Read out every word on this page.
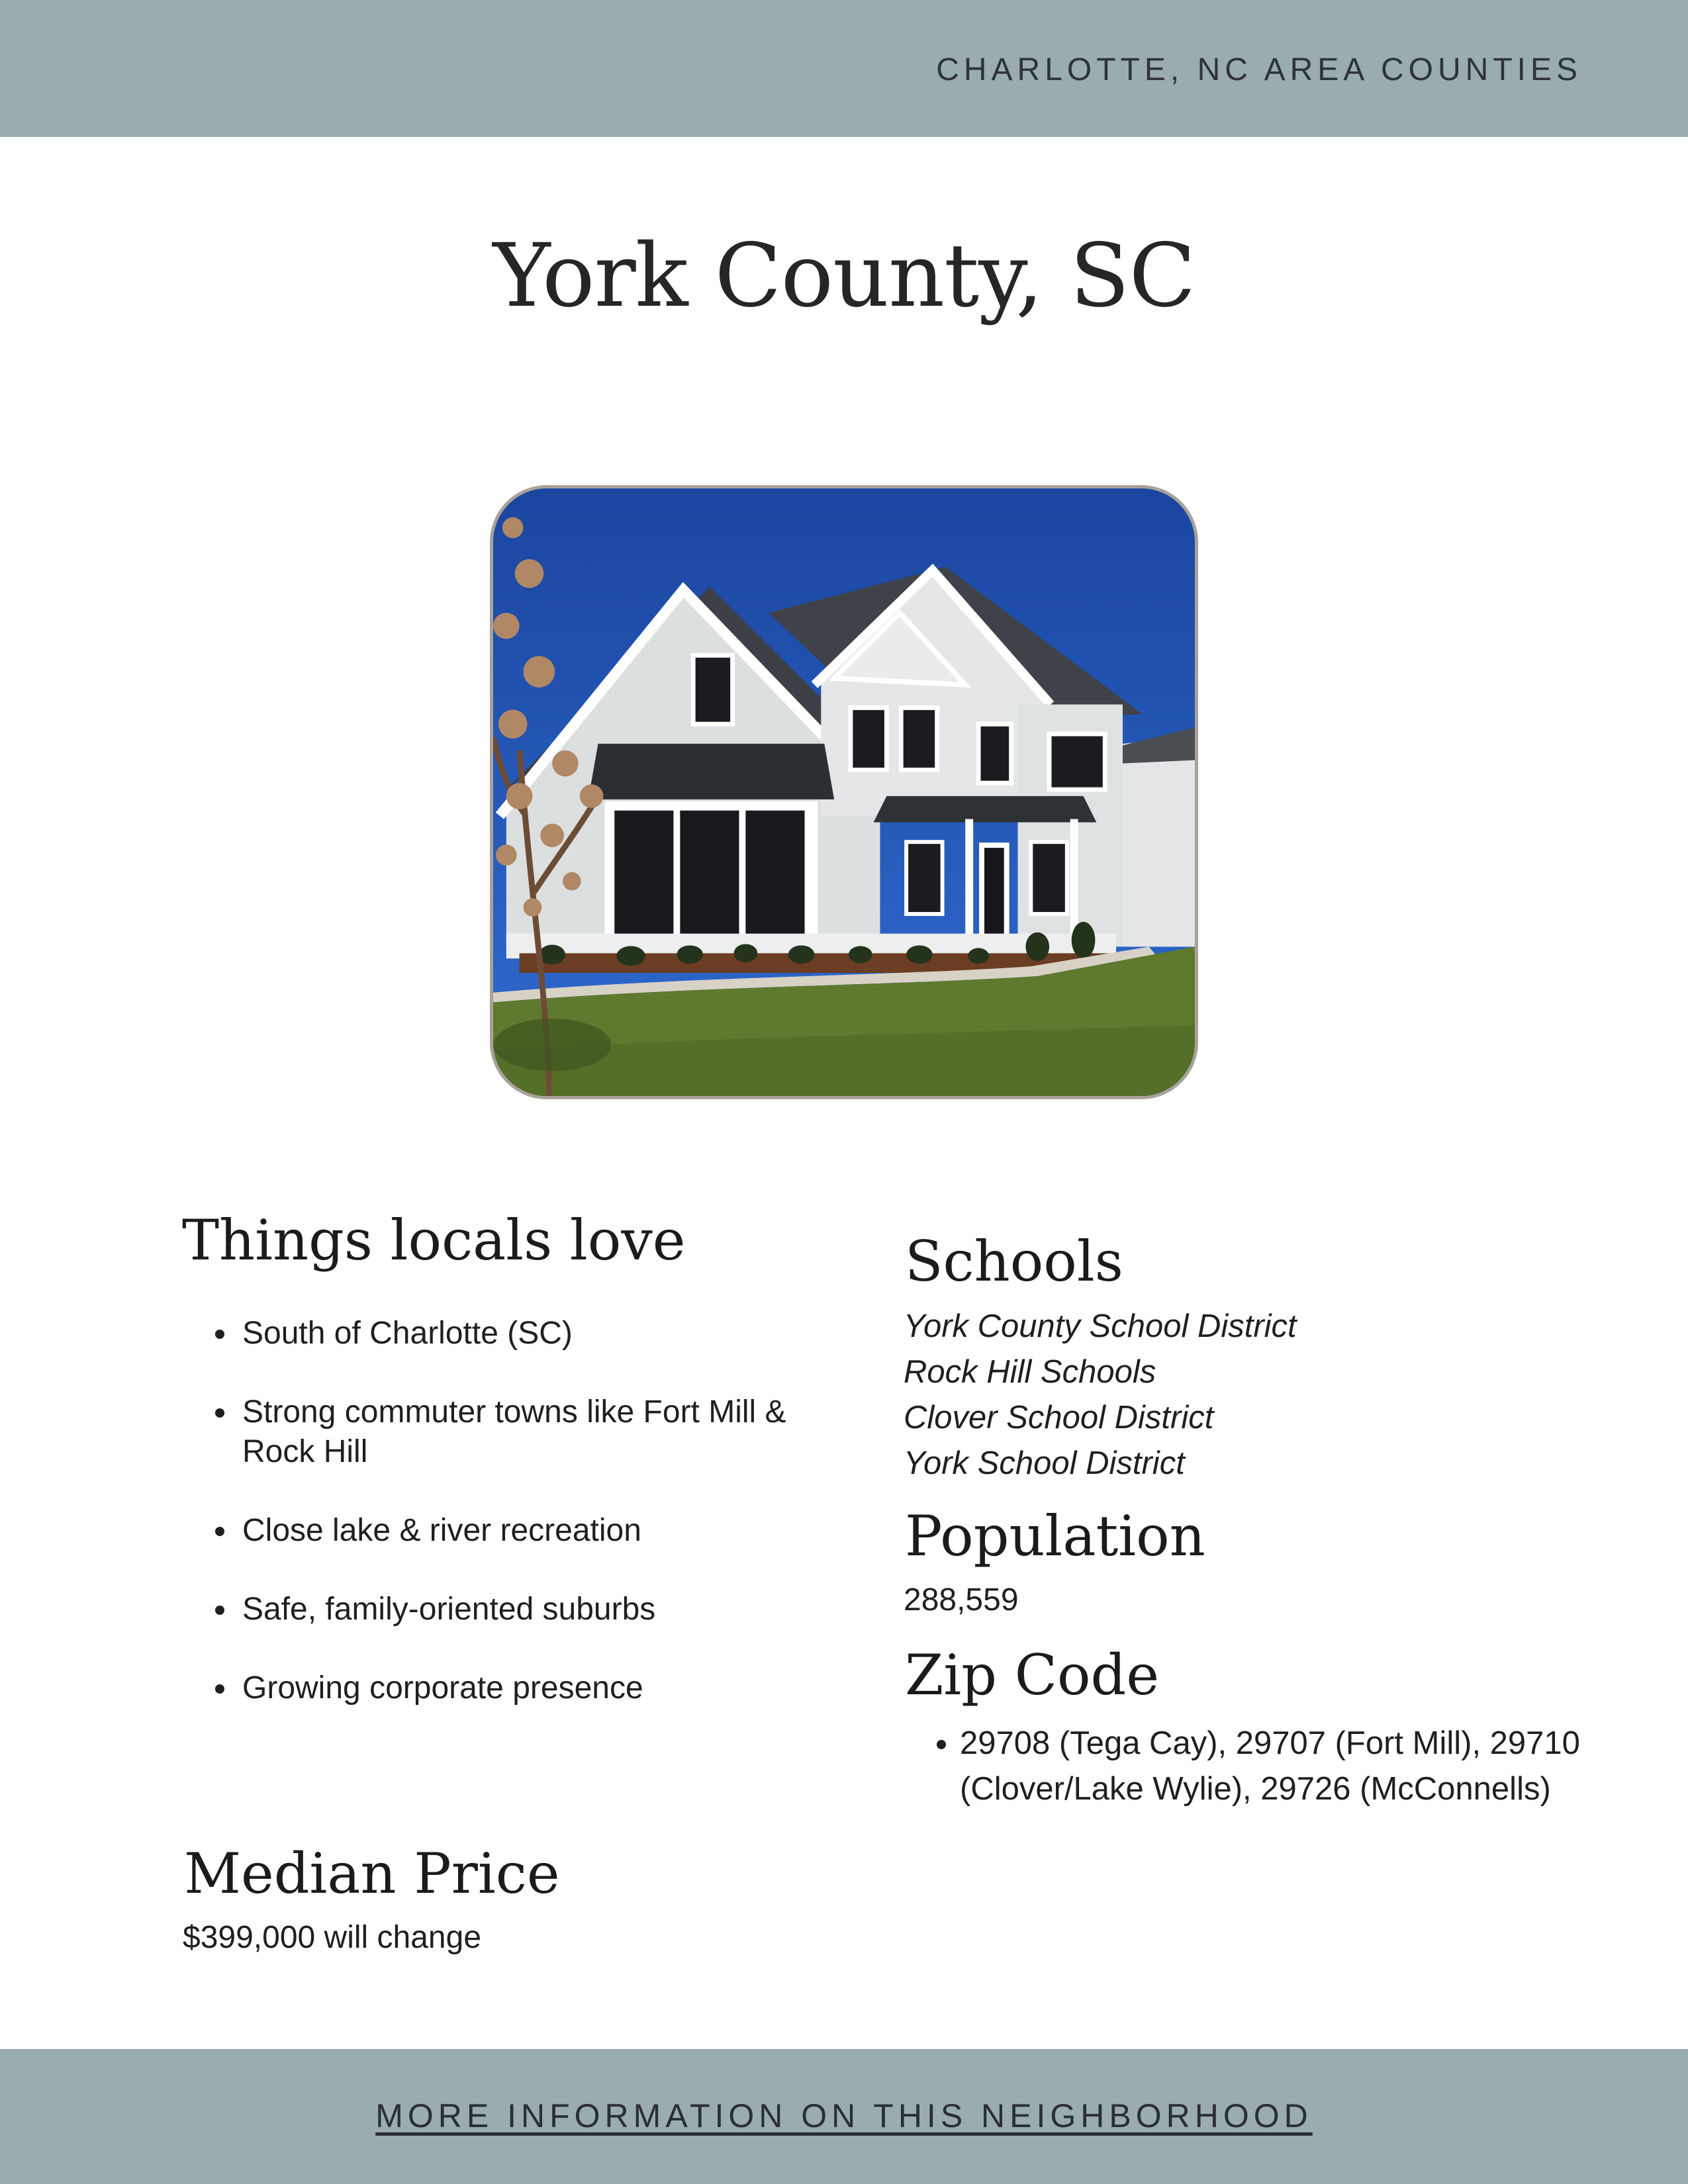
CHARLOTTE, NC AREA COUNTIES
York County, SC
Things locals love
• South of Charlotte (SC)
• Strong commuter towns like Fort Mill & Rock Hill
• Close lake & river recreation
• Safe, family-oriented suburbs
• Growing corporate presence
Median Price

$399,000 will change

Schools
York County School District
Rock Hill Schools
Clover School District
York School District
Population

288,559

Zip Code
• 29708 (Tega Cay), 29707 (Fort Mill), 29710 (Clover/Lake Wylie), 29726 (McConnells)
MORE INFORMATION ON THIS NEIGHBORHOOD
